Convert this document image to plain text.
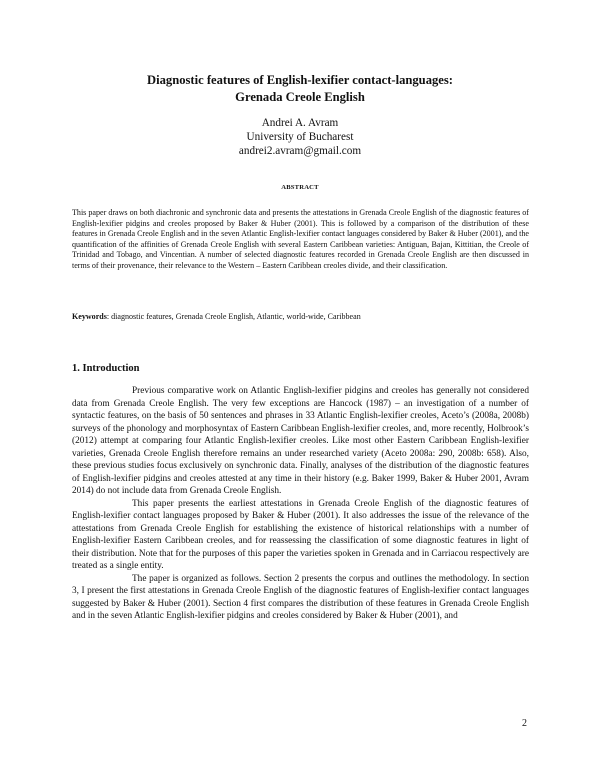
Diagnostic features of English-lexifier contact-languages:
Grenada Creole English
Andrei A. Avram
University of Bucharest
andrei2.avram@gmail.com
ABSTRACT
This paper draws on both diachronic and synchronic data and presents the attestations in Grenada Creole English of the diagnostic features of English-lexifier pidgins and creoles proposed by Baker & Huber (2001). This is followed by a comparison of the distribution of these features in Grenada Creole English and in the seven Atlantic English-lexifier contact languages considered by Baker & Huber (2001), and the quantification of the affinities of Grenada Creole English with several Eastern Caribbean varieties: Antiguan, Bajan, Kittitian, the Creole of Trinidad and Tobago, and Vincentian. A number of selected diagnostic features recorded in Grenada Creole English are then discussed in terms of their provenance, their relevance to the Western – Eastern Caribbean creoles divide, and their classification.
Keywords: diagnostic features, Grenada Creole English, Atlantic, world-wide, Caribbean
1. Introduction

Previous comparative work on Atlantic English-lexifier pidgins and creoles has generally not considered data from Grenada Creole English. The very few exceptions are Hancock (1987) – an investigation of a number of syntactic features, on the basis of 50 sentences and phrases in 33 Atlantic English-lexifier creoles, Aceto’s (2008a, 2008b) surveys of the phonology and morphosyntax of Eastern Caribbean English-lexifier creoles, and, more recently, Holbrook’s (2012) attempt at comparing four Atlantic English-lexifier creoles. Like most other Eastern Caribbean English-lexifier varieties, Grenada Creole English therefore remains an under researched variety (Aceto 2008a: 290, 2008b: 658). Also, these previous studies focus exclusively on synchronic data. Finally, analyses of the distribution of the diagnostic features of English-lexifier pidgins and creoles attested at any time in their history (e.g. Baker 1999, Baker & Huber 2001, Avram 2014) do not include data from Grenada Creole English.

This paper presents the earliest attestations in Grenada Creole English of the diagnostic features of English-lexifier contact languages proposed by Baker & Huber (2001). It also addresses the issue of the relevance of the attestations from Grenada Creole English for establishing the existence of historical relationships with a number of English-lexifier Eastern Caribbean creoles, and for reassessing the classification of some diagnostic features in light of their distribution. Note that for the purposes of this paper the varieties spoken in Grenada and in Carriacou respectively are treated as a single entity.

The paper is organized as follows. Section 2 presents the corpus and outlines the methodology. In section 3, I present the first attestations in Grenada Creole English of the diagnostic features of English-lexifier contact languages suggested by Baker & Huber (2001). Section 4 first compares the distribution of these features in Grenada Creole English and in the seven Atlantic English-lexifier pidgins and creoles considered by Baker & Huber (2001), and

2
